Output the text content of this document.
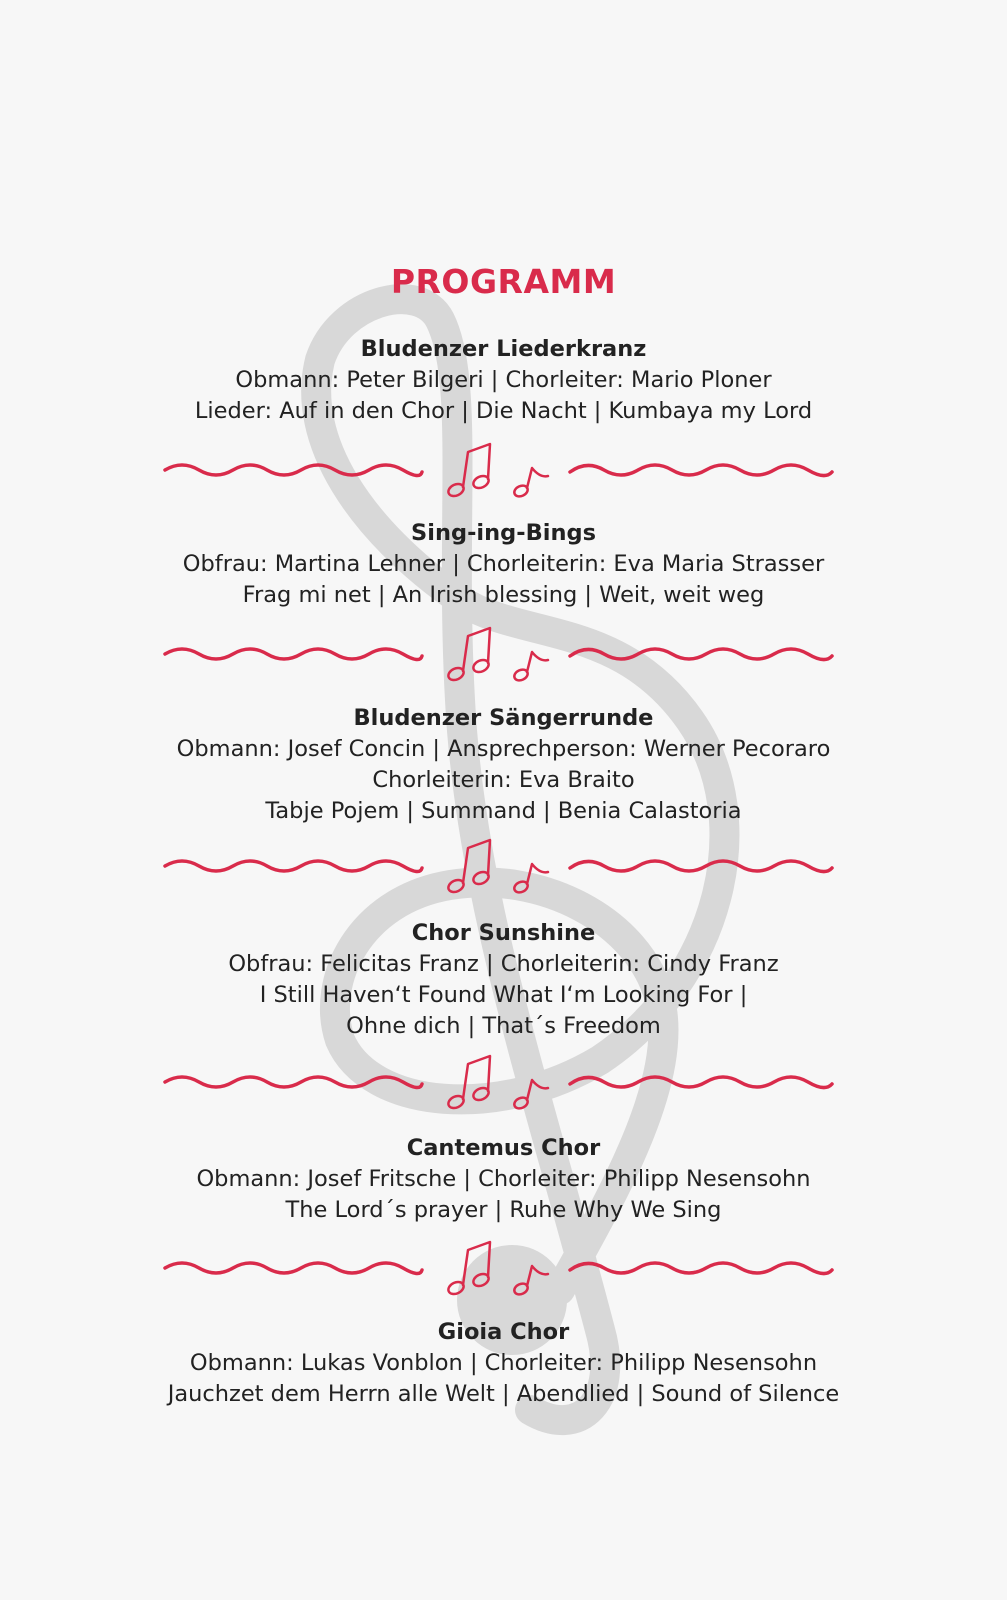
PROGRAMM
Bludenzer Liederkranz
Obmann: Peter Bilgeri | Chorleiter: Mario Ploner
Lieder: Auf in den Chor | Die Nacht | Kumbaya my Lord
Sing-ing-Bings
Obfrau: Martina Lehner | Chorleiterin: Eva Maria Strasser
Frag mi net | An Irish blessing | Weit, weit weg
Bludenzer Sängerrunde
Obmann: Josef Concin | Ansprechperson: Werner Pecoraro
Chorleiterin: Eva Braito
Tabje Pojem | Summand | Benia Calastoria
Chor Sunshine
Obfrau: Felicitas Franz | Chorleiterin: Cindy Franz
I Still Haven‘t Found What I‘m Looking For |
Ohne dich | That´s Freedom
Cantemus Chor
Obmann: Josef Fritsche | Chorleiter: Philipp Nesensohn
The Lord´s prayer | Ruhe Why We Sing
Gioia Chor
Obmann: Lukas Vonblon | Chorleiter: Philipp Nesensohn
Jauchzet dem Herrn alle Welt | Abendlied | Sound of Silence
